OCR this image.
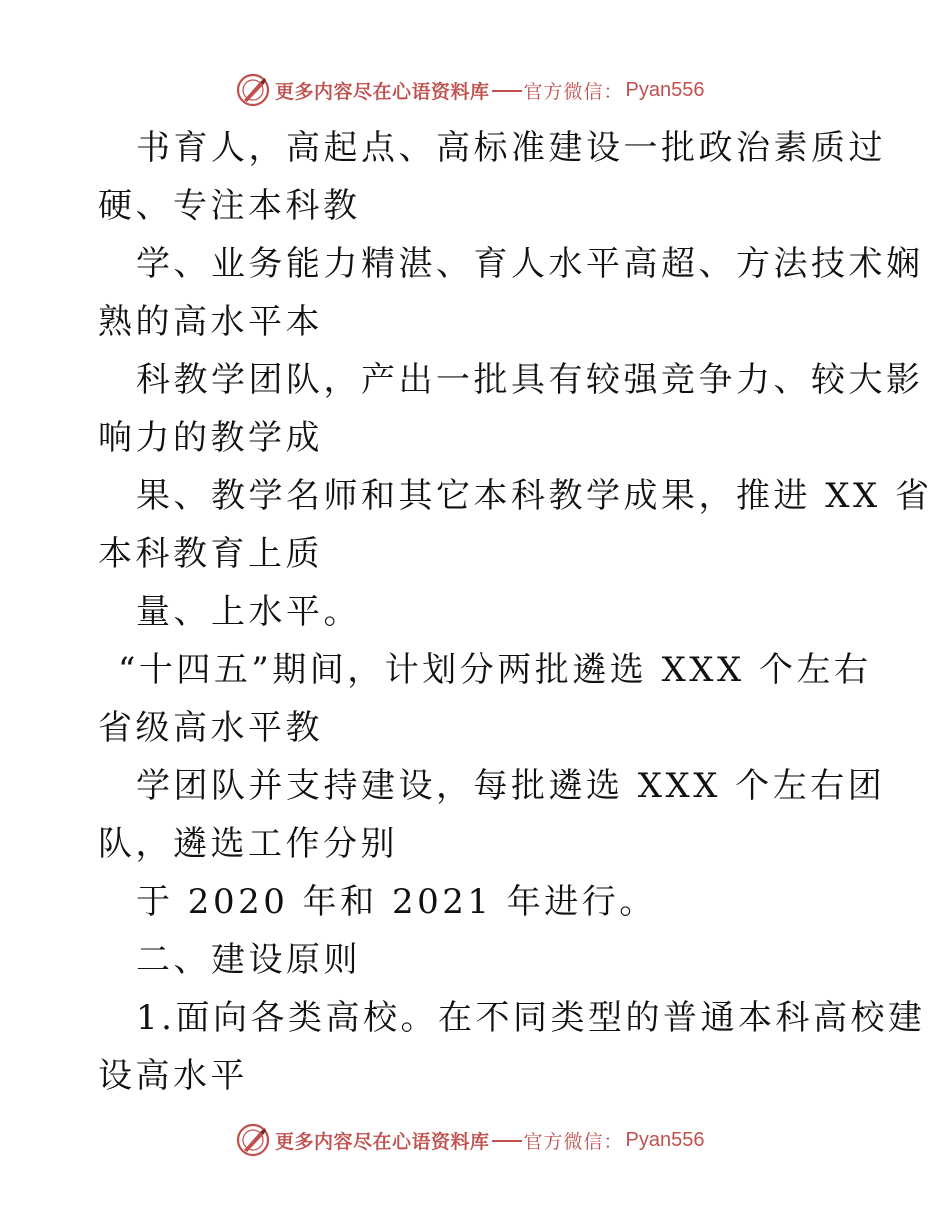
更多内容尽在心语资料库 官方微信： Pyan556
书育人，高起点、高标准建设一批政治素质过
硬、专注本科教
学、业务能力精湛、育人水平高超、方法技术娴
熟的高水平本
科教学团队，产出一批具有较强竞争力、较大影
响力的教学成
果、教学名师和其它本科教学成果，推进 XX 省
本科教育上质
量、上水平。
“十四五”期间，计划分两批遴选 XXX 个左右
省级高水平教
学团队并支持建设，每批遴选 XXX 个左右团
队，遴选工作分别
于 2020 年和 2021 年进行。
二、建设原则
1.面向各类高校。在不同类型的普通本科高校建
设高水平
更多内容尽在心语资料库 官方微信： Pyan556
